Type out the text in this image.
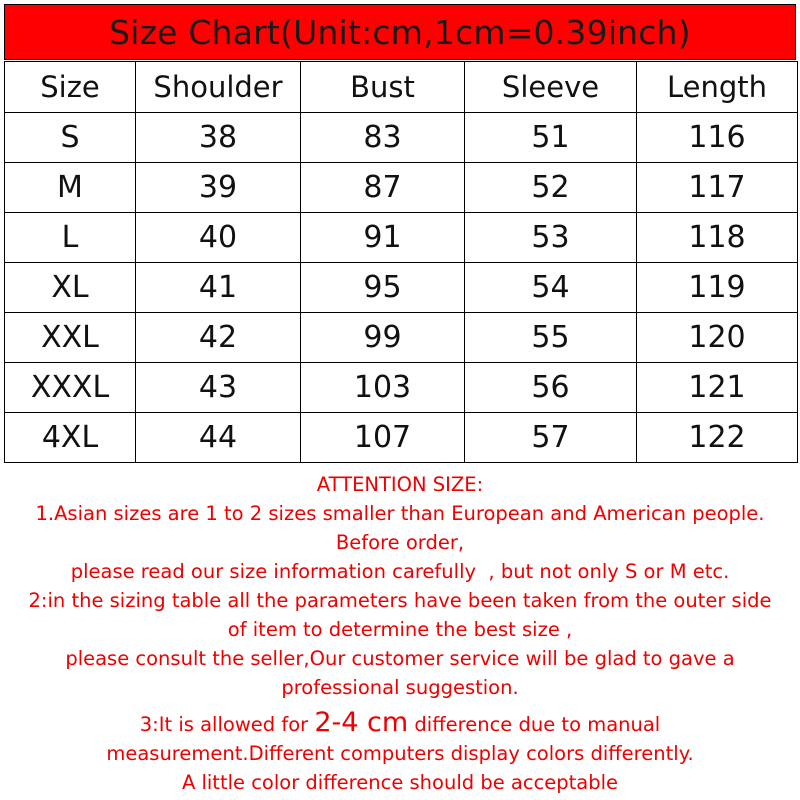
Size Chart(Unit:cm,1cm=0.39inch)
Size	Shoulder	Bust	Sleeve	Length
S	38	83	51	116
M	39	87	52	117
L	40	91	53	118
XL	41	95	54	119
XXL	42	99	55	120
XXXL	43	103	56	121
4XL	44	107	57	122
ATTENTION SIZE:
1.Asian sizes are 1 to 2 sizes smaller than European and American people.
Before order,
please read our size information carefully  , but not only S or M etc.
2:in the sizing table all the parameters have been taken from the outer side
of item to determine the best size ,
please consult the seller,Our customer service will be glad to gave a
professional suggestion.
3:It is allowed for 2-4 cm difference due to manual
measurement.Different computers display colors differently.
A little color difference should be acceptable
